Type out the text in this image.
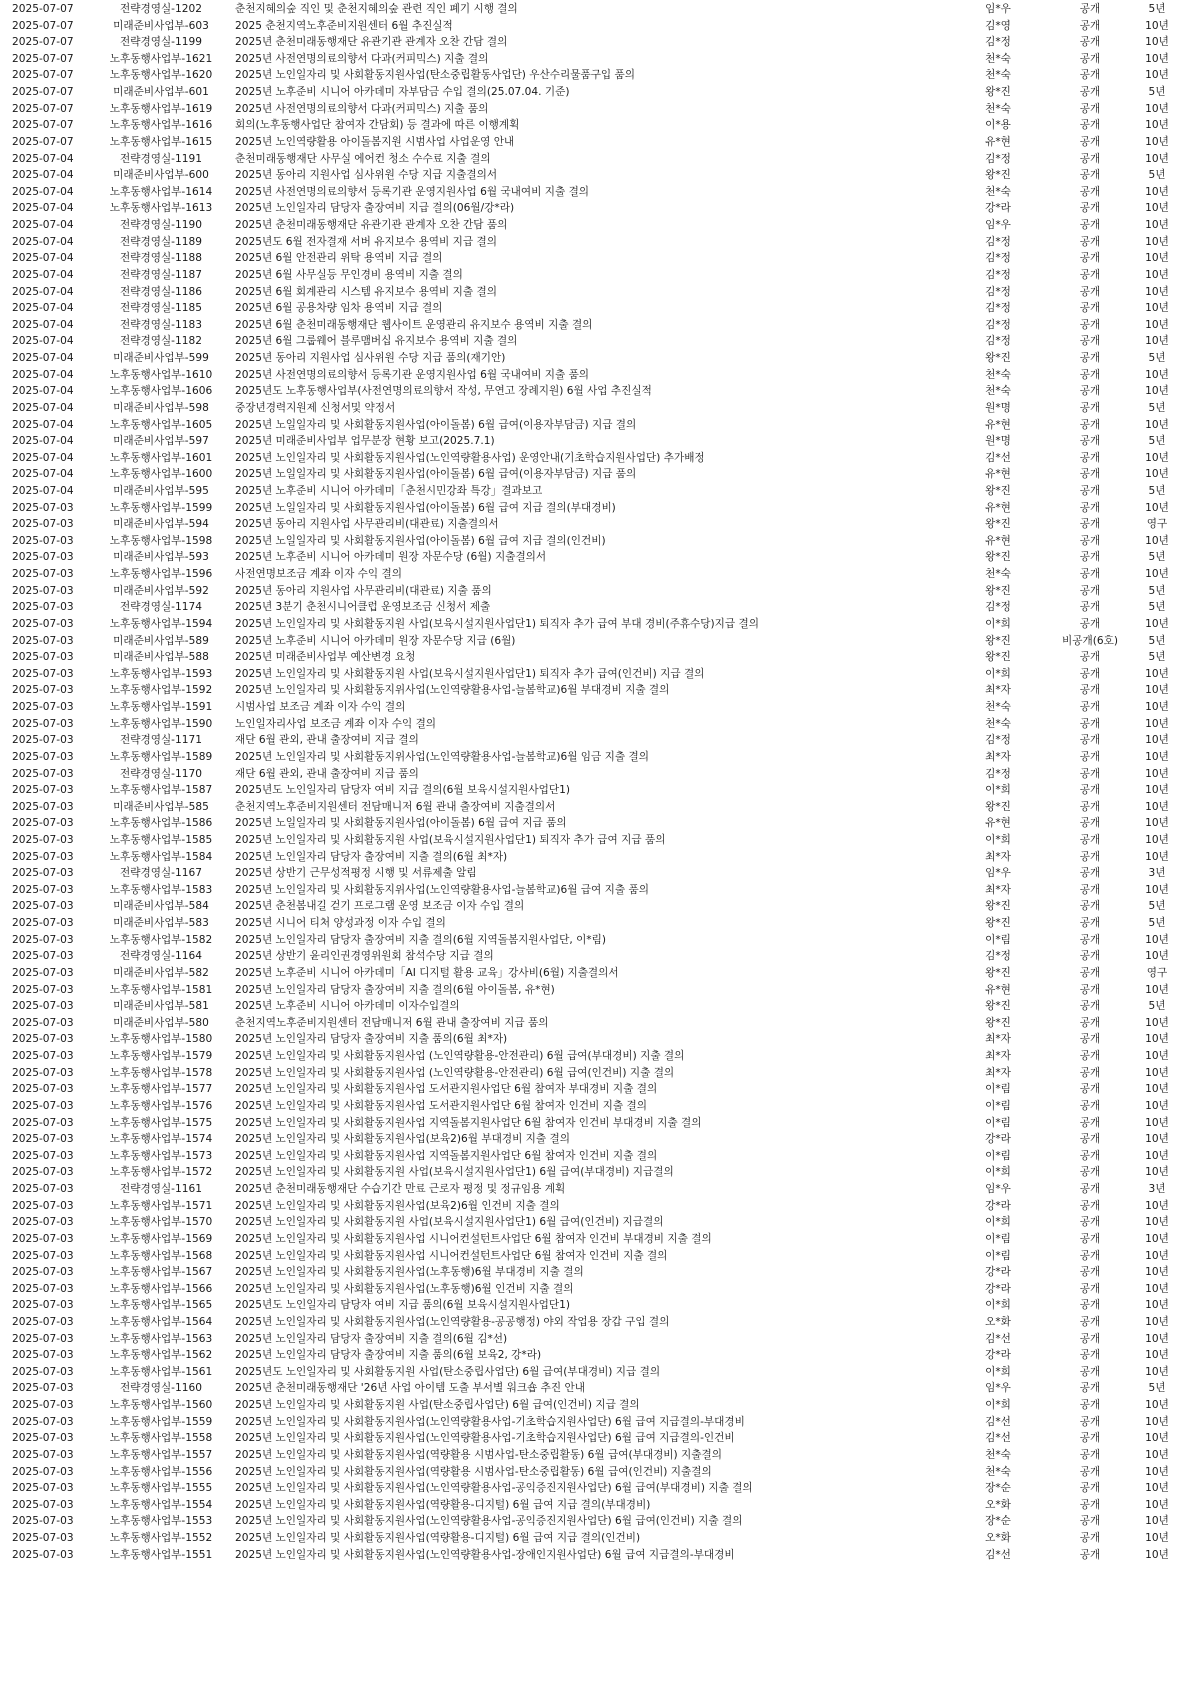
2025-07-07	전략경영실-1202	춘천지혜의숲 직인 및 춘천지혜의숲 관련 직인 폐기 시행 결의	임*우	공개	5년
2025-07-07	미래준비사업부-603	2025 춘천지역노후준비지원센터 6월 추진실적	김*영	공개	10년
2025-07-07	전략경영실-1199	2025년 춘천미래동행재단 유관기관 관계자 오찬 간담 결의	김*정	공개	10년
2025-07-07	노후동행사업부-1621	2025년 사전연명의료의향서 다과(커피믹스) 지출 결의	천*숙	공개	10년
2025-07-07	노후동행사업부-1620	2025년 노인일자리 및 사회활동지원사업(탄소중립활동사업단) 우산수리물품구입 품의	천*숙	공개	10년
2025-07-07	미래준비사업부-601	2025년 노후준비 시니어 아카데미 자부담금 수입 결의(25.07.04. 기준)	왕*진	공개	5년
2025-07-07	노후동행사업부-1619	2025년 사전연명의료의향서 다과(커피믹스) 지출 품의	천*숙	공개	10년
2025-07-07	노후동행사업부-1616	회의(노후동행사업단 참여자 간담회) 등 결과에 따른 이행계획	이*용	공개	10년
2025-07-07	노후동행사업부-1615	2025년 노인역량활용 아이돌봄지원 시범사업 사업운영 안내	유*현	공개	10년
2025-07-04	전략경영실-1191	춘천미래동행재단 사무실 에어컨 청소 수수료 지출 결의	김*정	공개	10년
2025-07-04	미래준비사업부-600	2025년 동아리 지원사업 심사위원 수당 지급 지출결의서	왕*진	공개	5년
2025-07-04	노후동행사업부-1614	2025년 사전연명의료의향서 등록기관 운영지원사업 6월 국내여비 지출 결의	천*숙	공개	10년
2025-07-04	노후동행사업부-1613	2025년 노인일자리 담당자 출장여비 지급 결의(06월/강*라)	강*라	공개	10년
2025-07-04	전략경영실-1190	2025년 춘천미래동행재단 유관기관 관계자 오찬 간담 품의	임*우	공개	10년
2025-07-04	전략경영실-1189	2025년도 6월 전자결재 서버 유지보수 용역비 지급 결의	김*정	공개	10년
2025-07-04	전략경영실-1188	2025년 6월 안전관리 위탁 용역비 지급 결의	김*정	공개	10년
2025-07-04	전략경영실-1187	2025년 6월 사무실등 무인경비 용역비 지출 결의	김*정	공개	10년
2025-07-04	전략경영실-1186	2025년 6월 회계관리 시스템 유지보수 용역비 지출 결의	김*정	공개	10년
2025-07-04	전략경영실-1185	2025년 6월 공용차량 임차 용역비 지급 결의	김*정	공개	10년
2025-07-04	전략경영실-1183	2025년 6월 춘천미래동행재단 웹사이트 운영관리 유지보수 용역비 지출 결의	김*정	공개	10년
2025-07-04	전략경영실-1182	2025년 6월 그룹웨어 블루맴버십 유지보수 용역비 지출 결의	김*정	공개	10년
2025-07-04	미래준비사업부-599	2025년 동아리 지원사업 심사위원 수당 지급 품의(재기안)	왕*진	공개	5년
2025-07-04	노후동행사업부-1610	2025년 사전연명의료의향서 등록기관 운영지원사업 6월 국내여비 지출 품의	천*숙	공개	10년
2025-07-04	노후동행사업부-1606	2025년도 노후동행사업부(사전연명의료의향서 작성, 무연고 장례지원) 6월 사업 추진실적	천*숙	공개	10년
2025-07-04	미래준비사업부-598	중장년경력지원제 신청서및 약정서	원*명	공개	5년
2025-07-04	노후동행사업부-1605	2025년 노일일자리 및 사회활동지원사업(아이돌봄) 6월 급여(이용자부담금) 지급 결의	유*현	공개	10년
2025-07-04	미래준비사업부-597	2025년 미래준비사업부 업무분장 현황 보고(2025.7.1)	원*명	공개	5년
2025-07-04	노후동행사업부-1601	2025년 노인일자리 및 사회활동지원사업(노인역량활용사업) 운영안내(기초학습지원사업단) 추가배정	김*선	공개	10년
2025-07-04	노후동행사업부-1600	2025년 노일일자리 및 사회활동지원사업(아이돌봄) 6월 급여(이용자부담금) 지급 품의	유*현	공개	10년
2025-07-04	미래준비사업부-595	2025년 노후준비 시니어 아카데미「춘천시민강좌 특강」결과보고	왕*진	공개	5년
2025-07-03	노후동행사업부-1599	2025년 노일일자리 및 사회활동지원사업(아이돌봄) 6월 급여 지급 결의(부대경비)	유*현	공개	10년
2025-07-03	미래준비사업부-594	2025년 동아리 지원사업 사무관리비(대관료) 지출결의서	왕*진	공개	영구
2025-07-03	노후동행사업부-1598	2025년 노일일자리 및 사회활동지원사업(아이돌봄) 6월 급여 지급 결의(인건비)	유*현	공개	10년
2025-07-03	미래준비사업부-593	2025년 노후준비 시니어 아카데미 원장 자문수당 (6월) 지출결의서	왕*진	공개	5년
2025-07-03	노후동행사업부-1596	사전연명보조금 계좌 이자 수익 결의	천*숙	공개	10년
2025-07-03	미래준비사업부-592	2025년 동아리 지원사업 사무관리비(대관료) 지출 품의	왕*진	공개	5년
2025-07-03	전략경영실-1174	2025년 3분기 춘천시니어클럽 운영보조금 신청서 제출	김*정	공개	5년
2025-07-03	노후동행사업부-1594	2025년 노인일자리 및 사회활동지원 사업(보육시설지원사업단1) 퇴직자 추가 급여 부대 경비(주휴수당)지급 결의	이*희	공개	10년
2025-07-03	미래준비사업부-589	2025년 노후준비 시니어 아카데미 원장 자문수당 지급 (6월)	왕*진	비공개(6호)	5년
2025-07-03	미래준비사업부-588	2025년 미래준비사업부 예산변경 요청	왕*진	공개	5년
2025-07-03	노후동행사업부-1593	2025년 노인일자리 및 사회활동지원 사업(보육시설지원사업단1) 퇴직자 추가 급여(인건비) 지급 결의	이*희	공개	10년
2025-07-03	노후동행사업부-1592	2025년 노인일자리 및 사회활동지위사업(노인역량활용사업-늘봄학교)6월 부대경비 지출 결의	최*자	공개	10년
2025-07-03	노후동행사업부-1591	시범사업 보조금 계좌 이자 수익 결의	천*숙	공개	10년
2025-07-03	노후동행사업부-1590	노인일자리사업 보조금 계좌 이자 수익 결의	천*숙	공개	10년
2025-07-03	전략경영실-1171	재단 6월 관외, 관내 출장여비 지급 결의	김*정	공개	10년
2025-07-03	노후동행사업부-1589	2025년 노인일자리 및 사회활동지위사업(노인역량활용사업-늘봄학교)6월 임금 지출 결의	최*자	공개	10년
2025-07-03	전략경영실-1170	재단 6월 관외, 관내 출장여비 지급 품의	김*정	공개	10년
2025-07-03	노후동행사업부-1587	2025년도 노인일자리 담당자 여비 지급 결의(6월 보육시설지원사업단1)	이*희	공개	10년
2025-07-03	미래준비사업부-585	춘천지역노후준비지원센터 전담매니저 6월 관내 출장여비 지출결의서	왕*진	공개	10년
2025-07-03	노후동행사업부-1586	2025년 노일일자리 및 사회활동지원사업(아이돌봄) 6월 급여 지급 품의	유*현	공개	10년
2025-07-03	노후동행사업부-1585	2025년 노인일자리 및 사회활동지원 사업(보육시설지원사업단1) 퇴직자 추가 급여 지급 품의	이*희	공개	10년
2025-07-03	노후동행사업부-1584	2025년 노인일자리 담당자 출장여비 지출 결의(6월 최*자)	최*자	공개	10년
2025-07-03	전략경영실-1167	2025년 상반기 근무성적평정 시행 및 서류제출 알림	임*우	공개	3년
2025-07-03	노후동행사업부-1583	2025년 노인일자리 및 사회활동지위사업(노인역량활용사업-늘봄학교)6월 급여 지출 품의	최*자	공개	10년
2025-07-03	미래준비사업부-584	2025년 춘천봄내길 걷기 프로그램 운영 보조금 이자 수입 결의	왕*진	공개	5년
2025-07-03	미래준비사업부-583	2025년 시니어 티처 양성과정 이자 수입 결의	왕*진	공개	5년
2025-07-03	노후동행사업부-1582	2025년 노인일자리 담당자 출장여비 지출 결의(6월 지역돌봄지원사업단, 이*림)	이*림	공개	10년
2025-07-03	전략경영실-1164	2025년 상반기 윤리인권경영위원회 참석수당 지급 결의	김*정	공개	10년
2025-07-03	미래준비사업부-582	2025년 노후준비 시니어 아카데미「AI 디지털 활용 교육」강사비(6월) 지출결의서	왕*진	공개	영구
2025-07-03	노후동행사업부-1581	2025년 노인일자리 담당자 출장여비 지출 결의(6월 아이돌봄, 유*현)	유*현	공개	10년
2025-07-03	미래준비사업부-581	2025년 노후준비 시니어 아카데미 이자수입결의	왕*진	공개	5년
2025-07-03	미래준비사업부-580	춘천지역노후준비지원센터 전담매니저 6월 관내 출장여비 지급 품의	왕*진	공개	10년
2025-07-03	노후동행사업부-1580	2025년 노인일자리 담당자 출장여비 지출 품의(6월 최*자)	최*자	공개	10년
2025-07-03	노후동행사업부-1579	2025년 노인일자리 및 사회활동지원사업 (노인역량활용-안전관리) 6월 급여(부대경비) 지출 결의	최*자	공개	10년
2025-07-03	노후동행사업부-1578	2025년 노인일자리 및 사회활동지원사업 (노인역량활용-안전관리) 6월 급여(인건비) 지출 결의	최*자	공개	10년
2025-07-03	노후동행사업부-1577	2025년 노인일자리 및 사회활동지원사업 도서관지원사업단 6월 참여자 부대경비 지출 결의	이*림	공개	10년
2025-07-03	노후동행사업부-1576	2025년 노인일자리 및 사회활동지원사업 도서관지원사업단 6월 참여자 인건비 지출 결의	이*림	공개	10년
2025-07-03	노후동행사업부-1575	2025년 노인일자리 및 사회활동지원사업 지역돌봄지원사업단 6월 참여자 인건비 부대경비 지출 결의	이*림	공개	10년
2025-07-03	노후동행사업부-1574	2025년 노인일자리 및 사회활동지원사업(보육2)6월 부대경비 지출 결의	강*라	공개	10년
2025-07-03	노후동행사업부-1573	2025년 노인일자리 및 사회활동지원사업 지역돌봄지원사업단 6월 참여자 인건비 지출 결의	이*림	공개	10년
2025-07-03	노후동행사업부-1572	2025년 노인일자리 및 사회활동지원 사업(보육시설지원사업단1) 6월 급여(부대경비) 지급결의	이*희	공개	10년
2025-07-03	전략경영실-1161	2025년 춘천미래동행재단 수습기간 만료 근로자 평정 및 정규임용 계획	임*우	공개	3년
2025-07-03	노후동행사업부-1571	2025년 노인일자리 및 사회활동지원사업(보육2)6월 인건비 지출 결의	강*라	공개	10년
2025-07-03	노후동행사업부-1570	2025년 노인일자리 및 사회활동지원 사업(보육시설지원사업단1) 6월 급여(인건비) 지급결의	이*희	공개	10년
2025-07-03	노후동행사업부-1569	2025년 노인일자리 및 사회활동지원사업 시니어컨설턴트사업단 6월 참여자 인건비 부대경비 지출 결의	이*림	공개	10년
2025-07-03	노후동행사업부-1568	2025년 노인일자리 및 사회활동지원사업 시니어컨설턴트사업단 6월 참여자 인건비 지출 결의	이*림	공개	10년
2025-07-03	노후동행사업부-1567	2025년 노인일자리 및 사회활동지원사업(노후동행)6월 부대경비 지출 결의	강*라	공개	10년
2025-07-03	노후동행사업부-1566	2025년 노인일자리 및 사회활동지원사업(노후동행)6월 인건비 지출 결의	강*라	공개	10년
2025-07-03	노후동행사업부-1565	2025년도 노인일자리 담당자 여비 지급 품의(6월 보육시설지원사업단1)	이*희	공개	10년
2025-07-03	노후동행사업부-1564	2025년 노인일자리 및 사회활동지원사업(노인역량활용-공공행정) 야외 작업용 장갑 구입 결의	오*화	공개	10년
2025-07-03	노후동행사업부-1563	2025년 노인일자리 담당자 출장여비 지출 결의(6월 김*선)	김*선	공개	10년
2025-07-03	노후동행사업부-1562	2025년 노인일자리 담당자 출장여비 지출 품의(6월 보육2, 강*라)	강*라	공개	10년
2025-07-03	노후동행사업부-1561	2025년도 노인일자리 및 사회활동지원 사업(탄소중립사업단) 6월 급여(부대경비) 지급 결의	이*희	공개	10년
2025-07-03	전략경영실-1160	2025년 춘천미래동행재단 '26년 사업 아이템 도출 부서별 워크숍 추진 안내	임*우	공개	5년
2025-07-03	노후동행사업부-1560	2025년 노인일자리 및 사회활동지원 사업(탄소중립사업단) 6월 급여(인건비) 지급 결의	이*희	공개	10년
2025-07-03	노후동행사업부-1559	2025년 노인일자리 및 사회활동지원사업(노인역량활용사업-기초학습지원사업단) 6월 급여 지급결의-부대경비	김*선	공개	10년
2025-07-03	노후동행사업부-1558	2025년 노인일자리 및 사회활동지원사업(노인역량활용사업-기초학습지원사업단) 6월 급여 지급결의-인건비	김*선	공개	10년
2025-07-03	노후동행사업부-1557	2025년 노인일자리 및 사회활동지원사업(역량활용 시범사업-탄소중립활동) 6월 급여(부대경비) 지출결의	천*숙	공개	10년
2025-07-03	노후동행사업부-1556	2025년 노인일자리 및 사회활동지원사업(역량활용 시범사업-탄소중립활동) 6월 급여(인건비) 지출결의	천*숙	공개	10년
2025-07-03	노후동행사업부-1555	2025년 노인일자리 및 사회활동지원사업(노인역량활용사업-공익증진지원사업단) 6월 급여(부대경비) 지출 결의	장*순	공개	10년
2025-07-03	노후동행사업부-1554	2025년 노인일자리 및 사회활동지원사업(역량활용-디지털) 6월 급여 지급 결의(부대경비)	오*화	공개	10년
2025-07-03	노후동행사업부-1553	2025년 노인일자리 및 사회활동지원사업(노인역량활용사업-공익증진지원사업단) 6월 급여(인건비) 지출 결의	장*순	공개	10년
2025-07-03	노후동행사업부-1552	2025년 노인일자리 및 사회활동지원사업(역량활용-디지털) 6월 급여 지급 결의(인건비)	오*화	공개	10년
2025-07-03	노후동행사업부-1551	2025년 노인일자리 및 사회활동지원사업(노인역량활용사업-장애인지원사업단) 6월 급여 지급결의-부대경비	김*선	공개	10년
